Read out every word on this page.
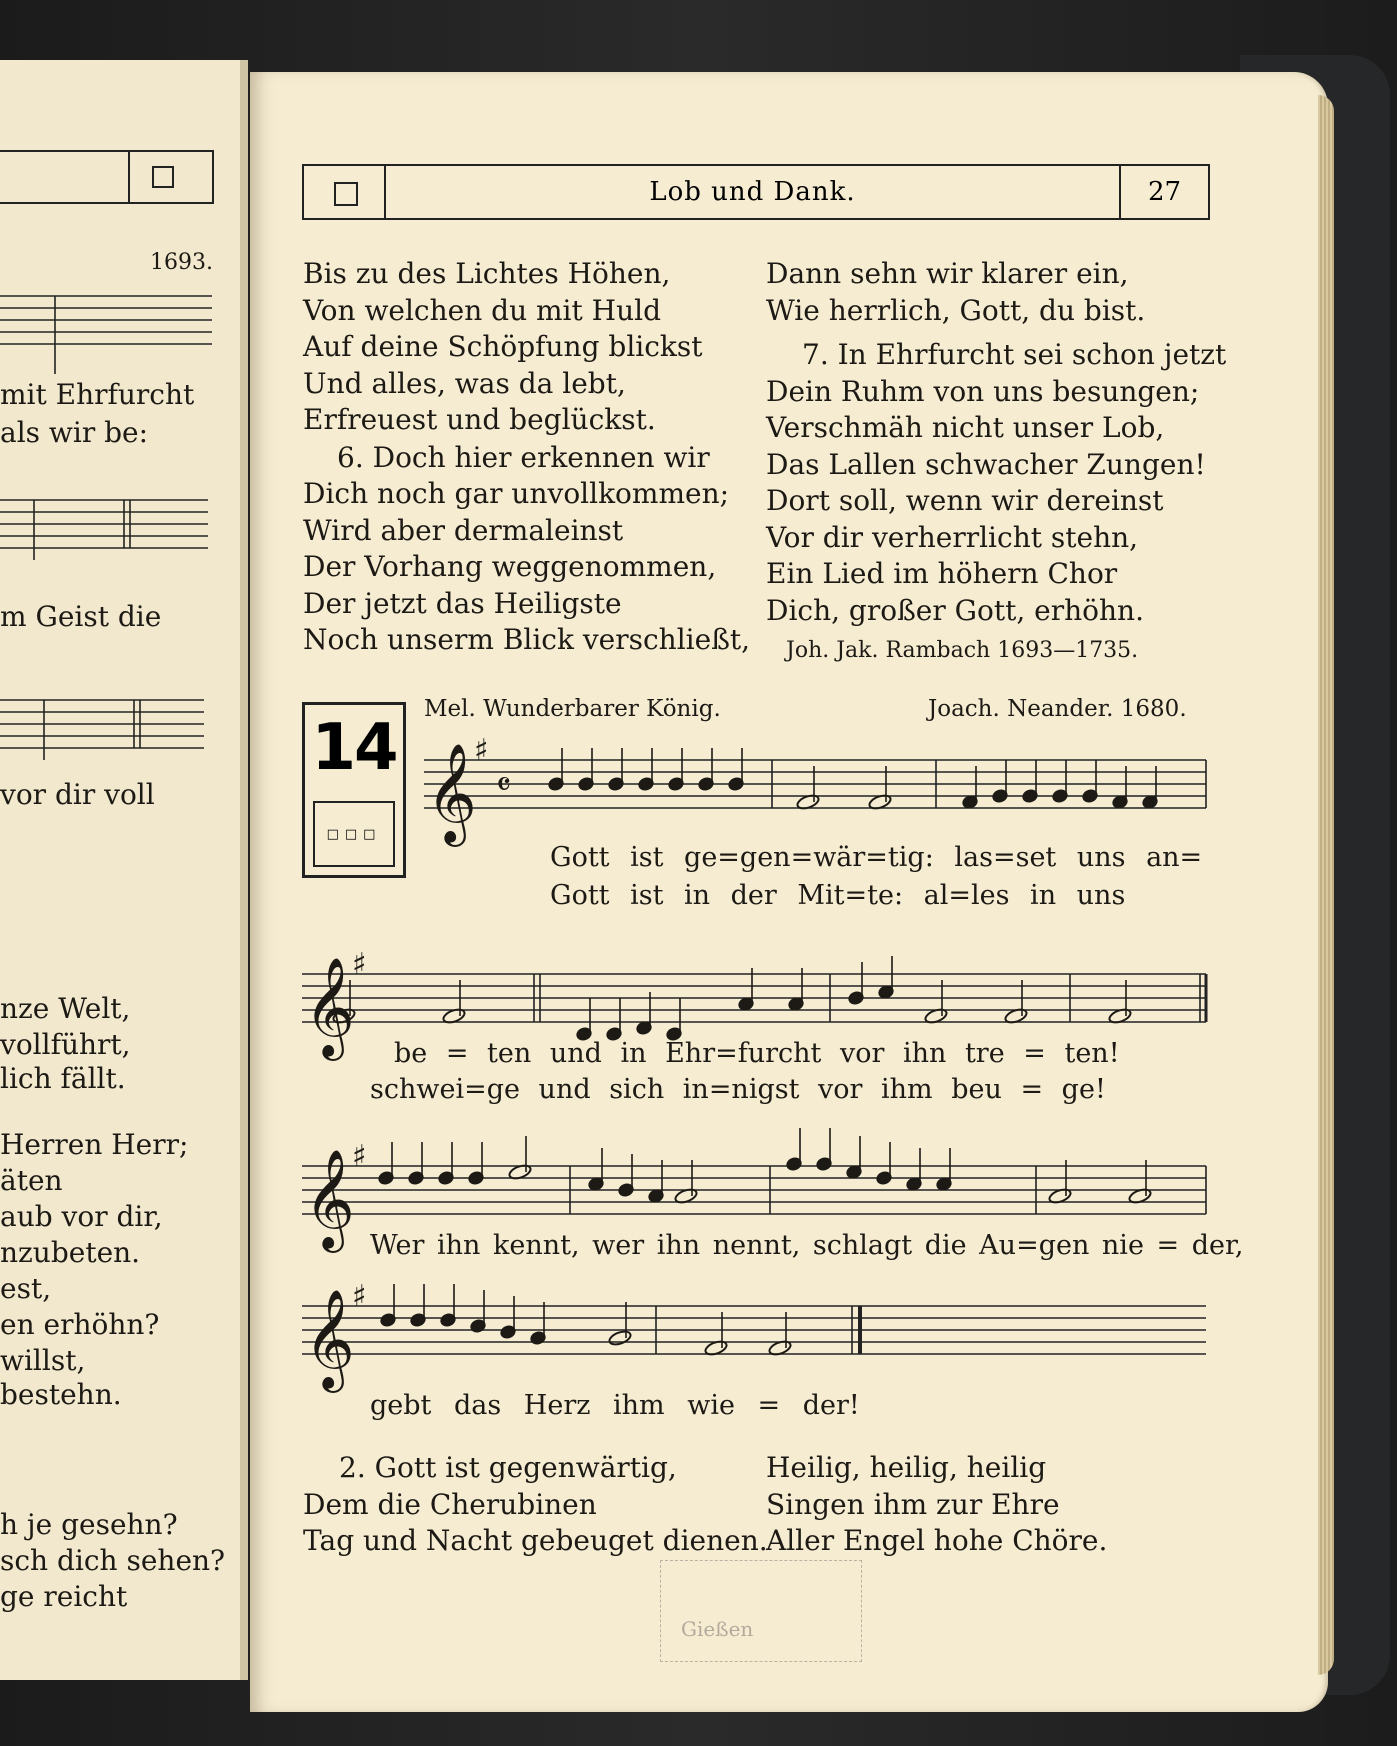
1693.
mit Ehrfurcht
als wir be:
m Geist die
vor dir voll
nze Welt,
vollführt,
lich fällt.
Herren Herr;
äten
aub vor dir,
nzubeten.
est,
en erhöhn?
willst,
bestehn.
h je gesehn?
sch dich sehen?
ge reicht
Lob und Dank.	27
Bis zu des Lichtes Höhen,
Von welchen du mit Huld
Auf deine Schöpfung blickst
Und alles, was da lebt,
Erfreuest und beglückst.
6. Doch hier erkennen wir
Dich noch gar unvollkommen;
Wird aber dermaleinst
Der Vorhang weggenommen,
Der jetzt das Heiligste
Noch unserm Blick verschließt,
Dann sehn wir klarer ein,
Wie herrlich, Gott, du bist.
7. In Ehrfurcht sei schon jetzt
Dein Ruhm von uns besungen;
Verschmäh nicht unser Lob,
Das Lallen schwacher Zungen!
Dort soll, wenn wir dereinst
Vor dir verherrlicht stehn,
Ein Lied im höhern Chor
Dich, großer Gott, erhöhn.
Joh. Jak. Rambach 1693—1735.
14
□□□
Mel. Wunderbarer König.	Joach. Neander. 1680.
𝄞
𝄞
𝄞
𝄞
♯
♯
♯
♯
𝄴
Gott ist ge=gen=wär=tig: las=set uns an=
Gott ist in der Mit=te: al=les in uns
be = ten und in Ehr=furcht vor ihn tre = ten!
schwei=ge und sich in=nigst vor ihm beu = ge!
Wer ihn kennt, wer ihn nennt, schlagt die Au=gen nie = der,
gebt das Herz ihm wie = der!
2. Gott ist gegenwärtig,
Dem die Cherubinen
Tag und Nacht gebeuget dienen.
Heilig, heilig, heilig
Singen ihm zur Ehre
Aller Engel hohe Chöre.
Gießen
